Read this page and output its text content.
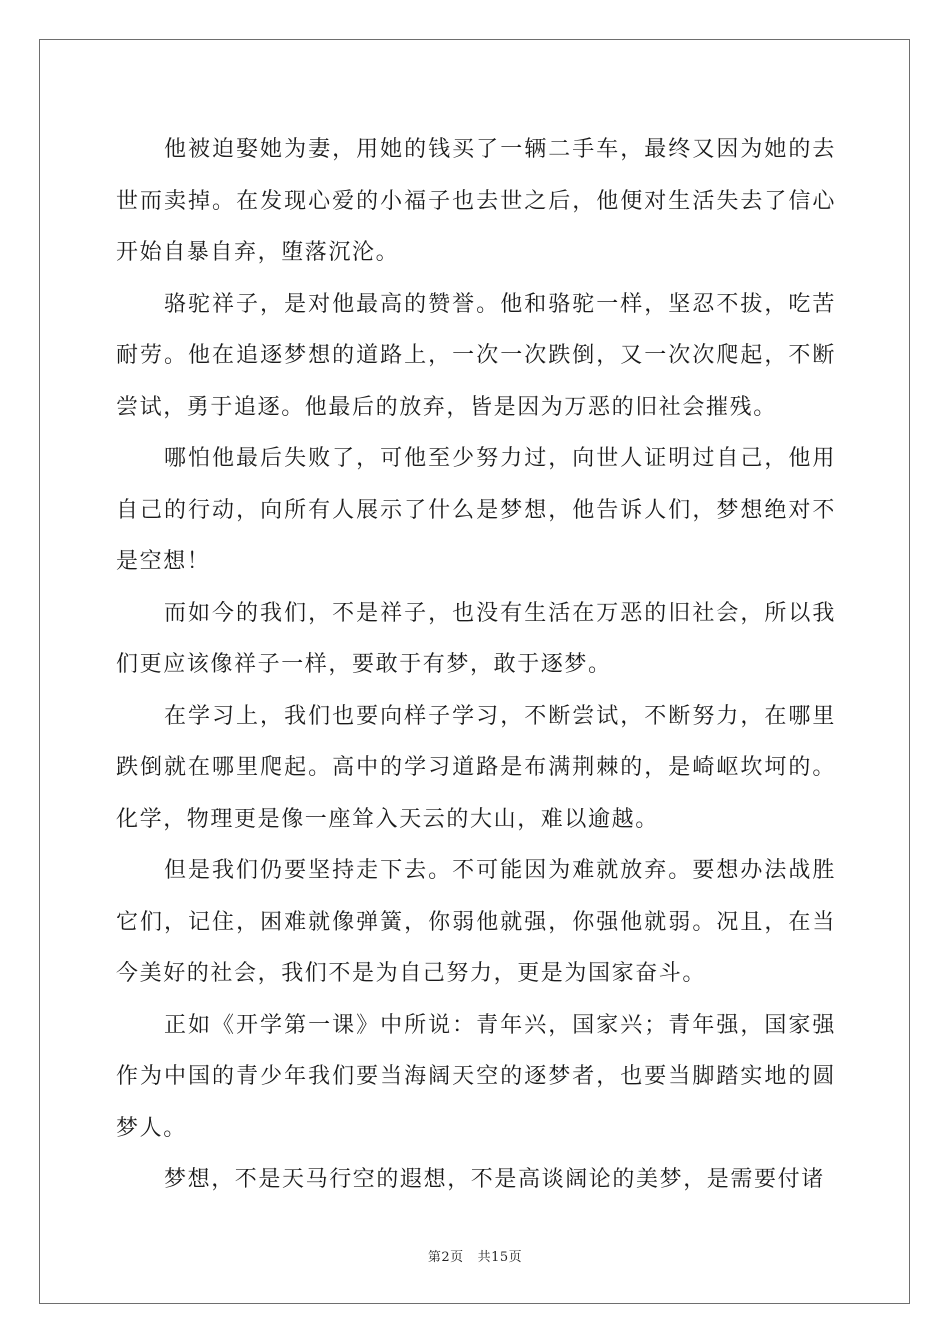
他被迫娶她为妻，用她的钱买了一辆二手车，最终又因为她的去世而卖掉。在发现心爱的小福子也去世之后，他便对生活失去了信心开始自暴自弃，堕落沉沦。

骆驼祥子，是对他最高的赞誉。他和骆驼一样，坚忍不拔，吃苦耐劳。他在追逐梦想的道路上，一次一次跌倒，又一次次爬起，不断尝试，勇于追逐。他最后的放弃，皆是因为万恶的旧社会摧残。

哪怕他最后失败了，可他至少努力过，向世人证明过自己，他用自己的行动，向所有人展示了什么是梦想，他告诉人们，梦想绝对不是空想！

而如今的我们，不是祥子，也没有生活在万恶的旧社会，所以我们更应该像祥子一样，要敢于有梦，敢于逐梦。

在学习上，我们也要向样子学习，不断尝试，不断努力，在哪里跌倒就在哪里爬起。高中的学习道路是布满荆棘的，是崎岖坎坷的。化学，物理更是像一座耸入天云的大山，难以逾越。

但是我们仍要坚持走下去。不可能因为难就放弃。要想办法战胜它们，记住，困难就像弹簧，你弱他就强，你强他就弱。况且，在当今美好的社会，我们不是为自己努力，更是为国家奋斗。

正如《开学第一课》中所说：青年兴，国家兴；青年强，国家强作为中国的青少年我们要当海阔天空的逐梦者，也要当脚踏实地的圆梦人。

梦想，不是天马行空的遐想，不是高谈阔论的美梦，是需要付诸

第2页 共15页
